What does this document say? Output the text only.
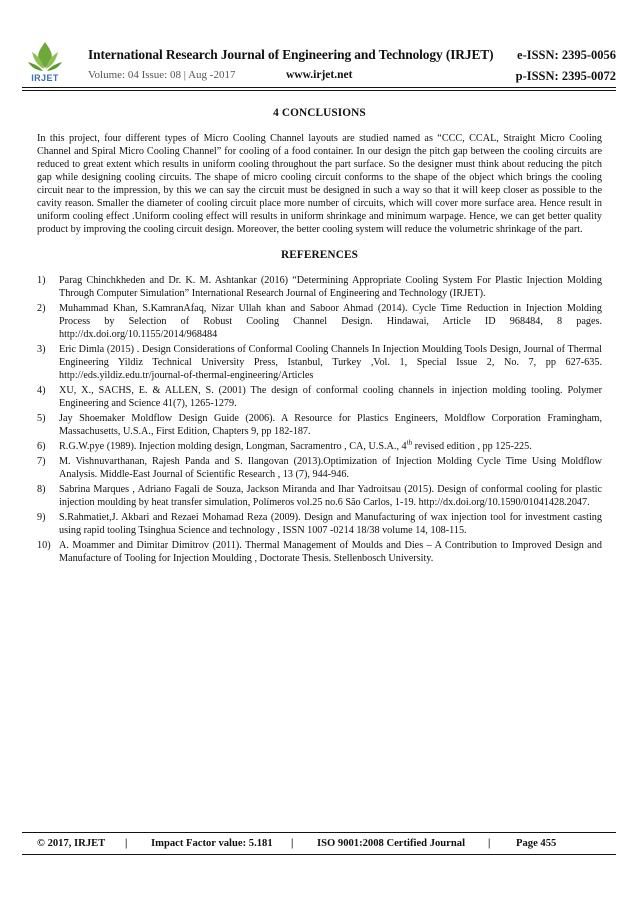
IRJET
International Research Journal of Engineering and Technology (IRJET) e-ISSN: 2395-0056
Volume: 04 Issue: 08 | Aug -2017	www.irjet.net	p-ISSN: 2395-0072
4 CONCLUSIONS

In this project, four different types of Micro Cooling Channel layouts are studied named as “CCC, CCAL, Straight Micro Cooling Channel and Spiral Micro Cooling Channel” for cooling of a food container. In our design the pitch gap between the cooling circuits are reduced to great extent which results in uniform cooling throughout the part surface. So the designer must think about reducing the pitch gap while designing cooling circuits. The shape of micro cooling circuit conforms to the shape of the object which brings the cooling circuit near to the impression, by this we can say the circuit must be designed in such a way so that it will keep closer as possible to the cavity reason. Smaller the diameter of cooling circuit place more number of circuits, which will cover more surface area. Hence result in uniform cooling effect .Uniform cooling effect will results in uniform shrinkage and minimum warpage. Hence, we can get better quality product by improving the cooling circuit design. Moreover, the better cooling system will reduce the volumetric shrinkage of the part.

REFERENCES
1) Parag Chinchkheden and Dr. K. M. Ashtankar (2016) “Determining Appropriate Cooling System For Plastic Injection Molding Through Computer Simulation” International Research Journal of Engineering and Technology (IRJET).
2) Muhammad Khan, S.KamranAfaq, Nizar Ullah khan and Saboor Ahmad (2014). Cycle Time Reduction in Injection Molding Process by Selection of Robust Cooling Channel Design. Hindawai, Article ID 968484, 8 pages. http://dx.doi.org/10.1155/2014/968484
3) Eric Dimla (2015) . Design Considerations of Conformal Cooling Channels In Injection Moulding Tools Design, Journal of Thermal Engineering Yildiz Technical University Press, Istanbul, Turkey ,Vol. 1, Special Issue 2, No. 7, pp 627-635. http://eds.yildiz.edu.tr/journal-of-thermal-engineering/Articles
4) XU, X., SACHS, E. & ALLEN, S. (2001) The design of conformal cooling channels in injection molding tooling. Polymer Engineering and Science 41(7), 1265-1279.
5) Jay Shoemaker Moldflow Design Guide (2006). A Resource for Plastics Engineers, Moldflow Corporation Framingham, Massachusetts, U.S.A., First Edition, Chapters 9, pp 182-187.
6) R.G.W.pye (1989). Injection molding design, Longman, Sacramentro , CA, U.S.A., 4th revised edition , pp 125-225.
7) M. Vishnuvarthanan, Rajesh Panda and S. Ilangovan (2013).Optimization of Injection Molding Cycle Time Using Moldflow Analysis. Middle-East Journal of Scientific Research , 13 (7), 944-946.
8) Sabrina Marques , Adriano Fagali de Souza, Jackson Miranda and Ihar Yadroitsau (2015). Design of conformal cooling for plastic injection moulding by heat transfer simulation, Polímeros vol.25 no.6 São Carlos, 1-19. http://dx.doi.org/10.1590/01041428.2047.
9) S.Rahmatiet,J. Akbari and Rezaei Mohamad Reza (2009). Design and Manufacturing of wax injection tool for investment casting using rapid tooling Tsinghua Science and technology , ISSN 1007 -0214 18/38 volume 14, 108-115.
10) A. Moammer and Dimitar Dimitrov (2011). Thermal Management of Moulds and Dies – A Contribution to Improved Design and Manufacture of Tooling for Injection Moulding , Doctorate Thesis. Stellenbosch University.
© 2017, IRJET | Impact Factor value: 5.181 | ISO 9001:2008 Certified Journal | Page 455
